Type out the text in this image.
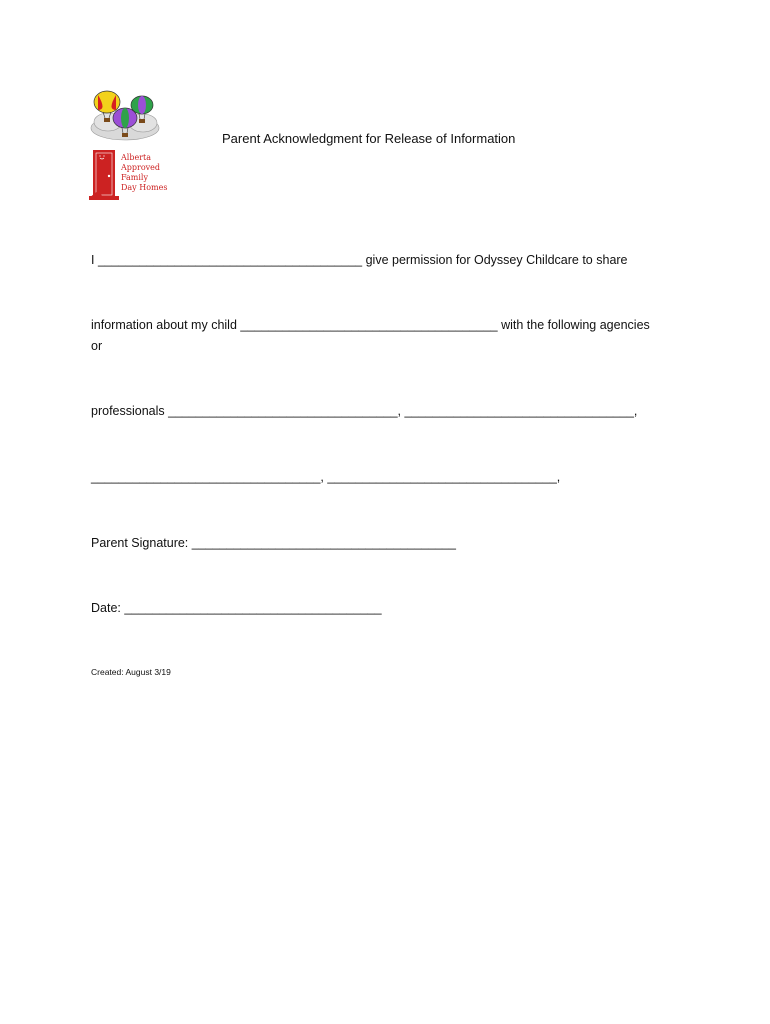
Alberta
Approved
Family
Day Homes
Parent Acknowledgment for Release of Information
I ______________________________________ give permission for Odyssey Childcare to share
information about my child _____________________________________ with the following agencies
or
professionals _________________________________, _________________________________,
_________________________________, _________________________________,
Parent Signature: ______________________________________
Date: _____________________________________
Created: August 3/19
